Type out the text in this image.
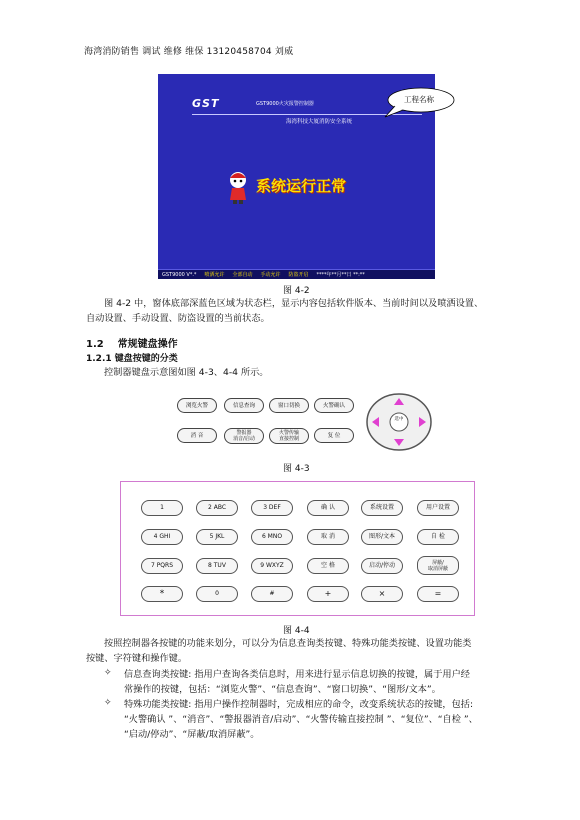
海湾消防销售 调试 维修 维保 13120458704 刘威
GST	GST9000火灾报警控制器
海湾科技大厦消防安全系统
系统运行正常
GST9000 V*.* 喷洒允许 全部自动 手动允许 防盗开启 ****年**月**日 **:**
工程名称
图 4-2
图 4-2 中，窗体底部深蓝色区域为状态栏，显示内容包括软件版本、当前时间以及喷洒设置、
自动设置、手动设置、防盗设置的当前状态。
1.2 常规键盘操作
1.2.1 键盘按键的分类
控制器键盘示意图如图 4-3、4-4 所示。
浏览火警	信息查询	窗口切换	火警确认
消 音	警报器
消音/启动
火警传输
直接控制
复 位
选中
图 4-3
1	2 ABC	3 DEF	确 认	系统设置	用户设置
4 GHI	5 JKL	6 MNO	取 消	图形/文本	自 检
7 PQRS	8 TUV	9 WXYZ	空 格	启动/停动	屏蔽/
取消屏蔽
*	0	#	+	×	=
图 4-4
按照控制器各按键的功能来划分，可以分为信息查询类按键、特殊功能类按键、设置功能类
按键、字符键和操作键。
✧ 信息查询类按键: 指用户查询各类信息时，用来进行显示信息切换的按键，属于用户经
常操作的按键，包括：“浏览火警”、“信息查询”、“窗口切换”、“图形/文本”。
✧ 特殊功能类按键: 指用户操作控制器时，完成相应的命令，改变系统状态的按键，包括:
“火警确认 ”、“消音”、“警报器消音/启动”、“火警传输直接控制 ”、“复位”、“自检 ”、
“启动/停动”、“屏蔽/取消屏蔽”。
